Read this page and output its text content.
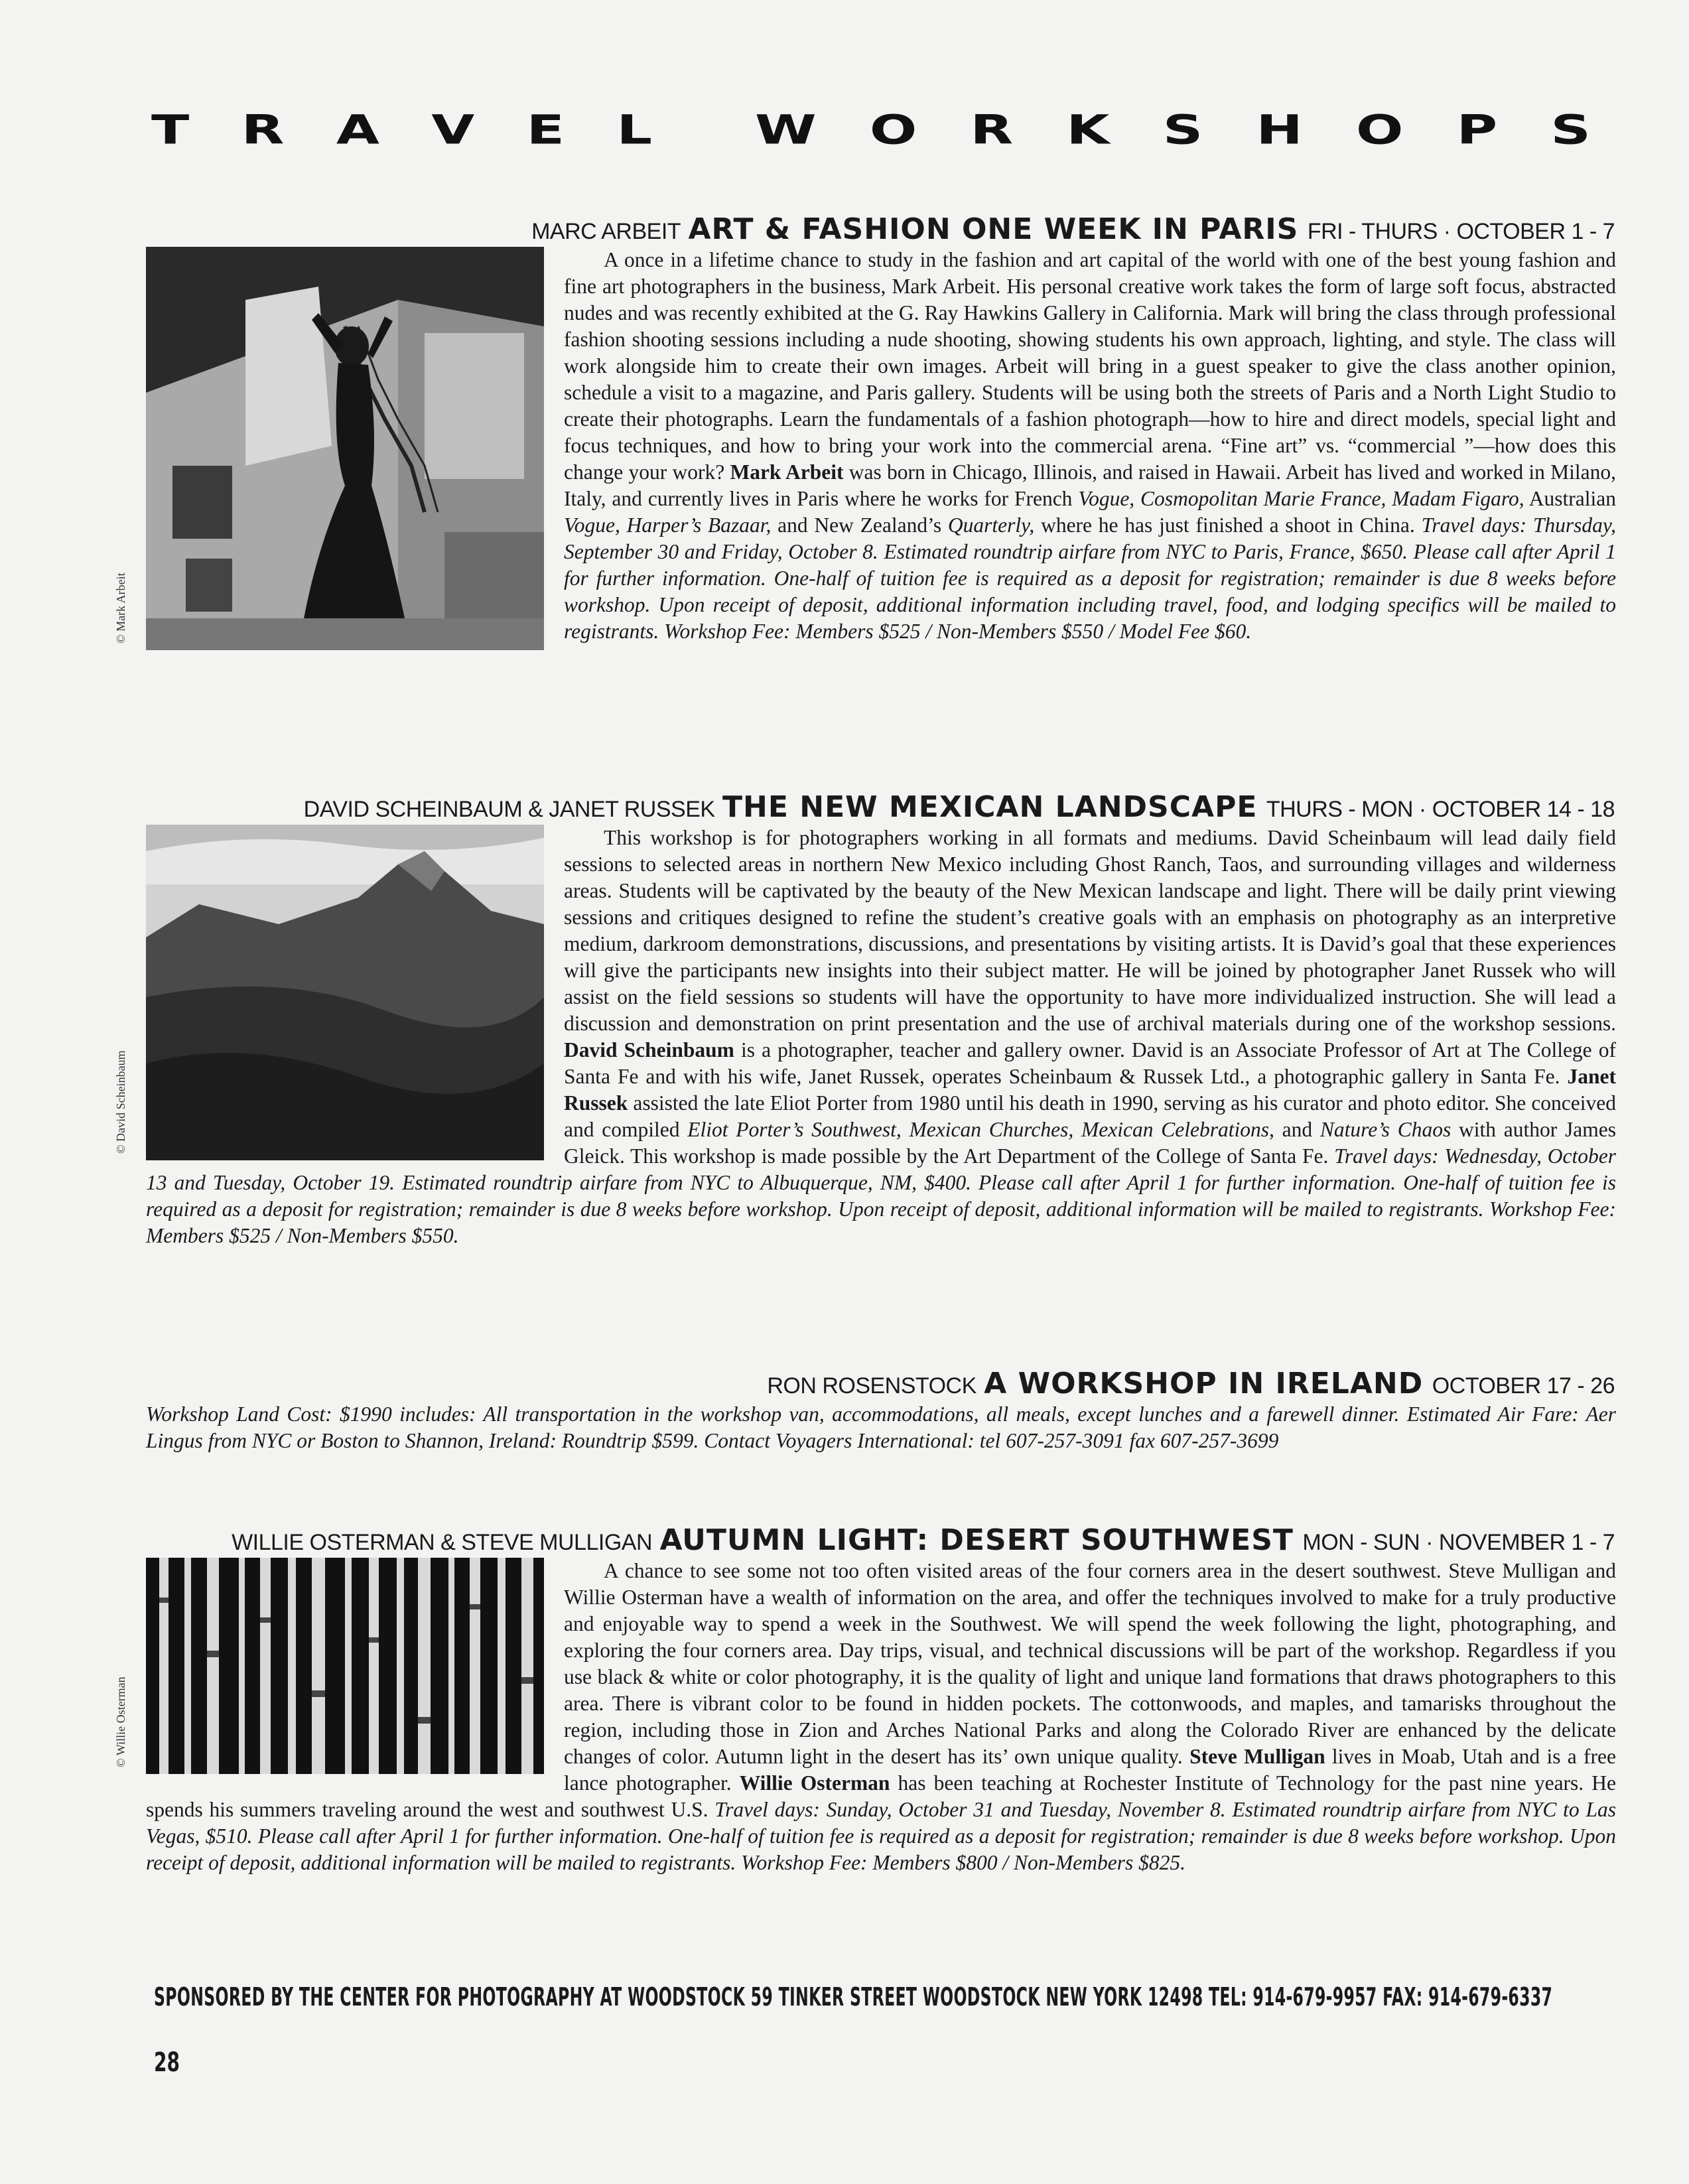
T R A V E L W O R K S H O P S
MARC ARBEIT ART & FASHION ONE WEEK IN PARIS FRI - THURS · OCTOBER 1 - 7
© Mark Arbeit

A once in a lifetime chance to study in the fashion and art capital of the world with one of the best young fashion and fine art photographers in the business, Mark Arbeit. His personal creative work takes the form of large soft focus, abstracted nudes and was recently exhibited at the G. Ray Hawkins Gallery in California. Mark will bring the class through professional fashion shooting sessions including a nude shooting, showing students his own approach, lighting, and style. The class will work alongside him to create their own images. Arbeit will bring in a guest speaker to give the class another opinion, schedule a visit to a magazine, and Paris gallery. Students will be using both the streets of Paris and a North Light Studio to create their photographs. Learn the fundamentals of a fashion photograph—how to hire and direct models, special light and focus techniques, and how to bring your work into the commercial arena. “Fine art” vs. “commercial ”—how does this change your work? Mark Arbeit was born in Chicago, Illinois, and raised in Hawaii. Arbeit has lived and worked in Milano, Italy, and currently lives in Paris where he works for French Vogue, Cosmopolitan Marie France, Madam Figaro, Australian Vogue, Harper’s Bazaar, and New Zealand’s Quarterly, where he has just finished a shoot in China. Travel days: Thursday, September 30 and Friday, October 8. Estimated roundtrip airfare from NYC to Paris, France, $650. Please call after April 1 for further information. One-half of tuition fee is required as a deposit for registration; remainder is due 8 weeks before workshop. Upon receipt of deposit, additional information including travel, food, and lodging specifics will be mailed to registrants. Workshop Fee: Members $525 / Non-Members $550 / Model Fee $60.

DAVID SCHEINBAUM & JANET RUSSEK THE NEW MEXICAN LANDSCAPE THURS - MON · OCTOBER 14 - 18
© David Scheinbaum

This workshop is for photographers working in all formats and mediums. David Scheinbaum will lead daily field sessions to selected areas in northern New Mexico including Ghost Ranch, Taos, and surrounding villages and wilderness areas. Students will be captivated by the beauty of the New Mexican landscape and light. There will be daily print viewing sessions and critiques designed to refine the student’s creative goals with an emphasis on photography as an interpretive medium, darkroom demonstrations, discussions, and presentations by visiting artists. It is David’s goal that these experiences will give the participants new insights into their subject matter. He will be joined by photographer Janet Russek who will assist on the field sessions so students will have the opportunity to have more individualized instruction. She will lead a discussion and demonstration on print presentation and the use of archival materials during one of the workshop sessions. David Scheinbaum is a photographer, teacher and gallery owner. David is an Associate Professor of Art at The College of Santa Fe and with his wife, Janet Russek, operates Scheinbaum & Russek Ltd., a photographic gallery in Santa Fe. Janet Russek assisted the late Eliot Porter from 1980 until his death in 1990, serving as his curator and photo editor. She conceived and compiled Eliot Porter’s Southwest, Mexican Churches, Mexican Celebrations, and Nature’s Chaos with author James Gleick. This workshop is made possible by the Art Department of the College of Santa Fe. Travel days: Wednesday, October 13 and Tuesday, October 19. Estimated roundtrip airfare from NYC to Albuquerque, NM, $400. Please call after April 1 for further information. One-half of tuition fee is required as a deposit for registration; remainder is due 8 weeks before workshop. Upon receipt of deposit, additional information will be mailed to registrants. Workshop Fee: Members $525 / Non-Members $550.

RON ROSENSTOCK A WORKSHOP IN IRELAND OCTOBER 17 - 26

Workshop Land Cost: $1990 includes: All transportation in the workshop van, accommodations, all meals, except lunches and a farewell dinner. Estimated Air Fare: Aer Lingus from NYC or Boston to Shannon, Ireland: Roundtrip $599. Contact Voyagers International: tel 607-257-3091 fax 607-257-3699

WILLIE OSTERMAN & STEVE MULLIGAN AUTUMN LIGHT: DESERT SOUTHWEST MON - SUN · NOVEMBER 1 - 7
© Willie Osterman

A chance to see some not too often visited areas of the four corners area in the desert southwest. Steve Mulligan and Willie Osterman have a wealth of information on the area, and offer the techniques involved to make for a truly productive and enjoyable way to spend a week in the Southwest. We will spend the week following the light, photographing, and exploring the four corners area. Day trips, visual, and technical discussions will be part of the workshop. Regardless if you use black & white or color photography, it is the quality of light and unique land formations that draws photographers to this area. There is vibrant color to be found in hidden pockets. The cottonwoods, and maples, and tamarisks throughout the region, including those in Zion and Arches National Parks and along the Colorado River are enhanced by the delicate changes of color. Autumn light in the desert has its’ own unique quality. Steve Mulligan lives in Moab, Utah and is a free lance photographer. Willie Osterman has been teaching at Rochester Institute of Technology for the past nine years. He spends his summers traveling around the west and southwest U.S. Travel days: Sunday, October 31 and Tuesday, November 8. Estimated roundtrip airfare from NYC to Las Vegas, $510. Please call after April 1 for further information. One-half of tuition fee is required as a deposit for registration; remainder is due 8 weeks before workshop. Upon receipt of deposit, additional information will be mailed to registrants. Workshop Fee: Members $800 / Non-Members $825.

SPONSORED BY THE CENTER FOR PHOTOGRAPHY AT WOODSTOCK 59 TINKER STREET WOODSTOCK NEW YORK 12498 TEL: 914-679-9957 FAX: 914-679-6337
28
